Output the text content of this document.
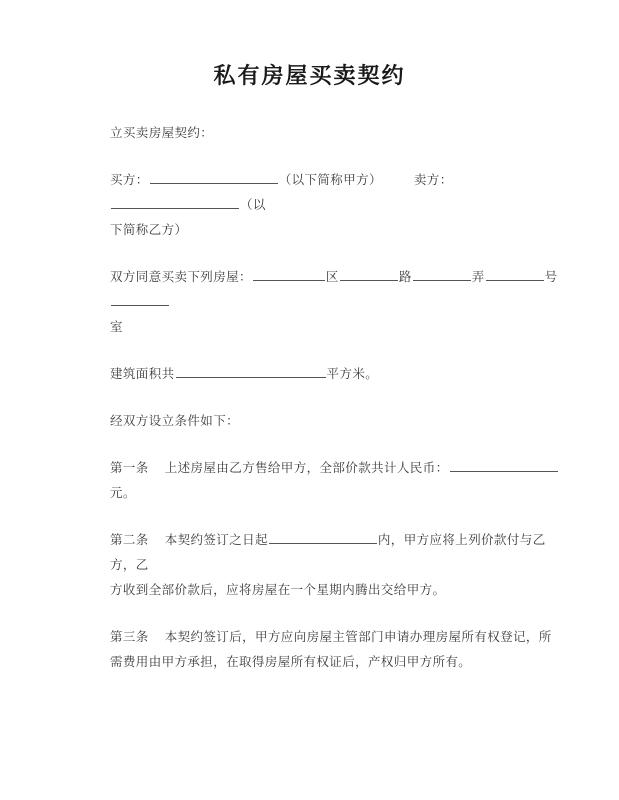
私有房屋买卖契约

立买卖房屋契约：

买方：	（以下简称甲方）	卖方：（以

下简称乙方）

双方同意买卖下列房屋：	区	路	弄	号

室

建筑面积共	平方米。

经双方设立条件如下：

第一条 上述房屋由乙方售给甲方，全部价款共计人民币：元。

第二条 本契约签订之日起	内，甲方应将上列价款付与乙方，乙

方收到全部价款后，应将房屋在一个星期内腾出交给甲方。

第三条 本契约签订后，甲方应向房屋主管部门申请办理房屋所有权登记，所

需费用由甲方承担，在取得房屋所有权证后，产权归甲方所有。
